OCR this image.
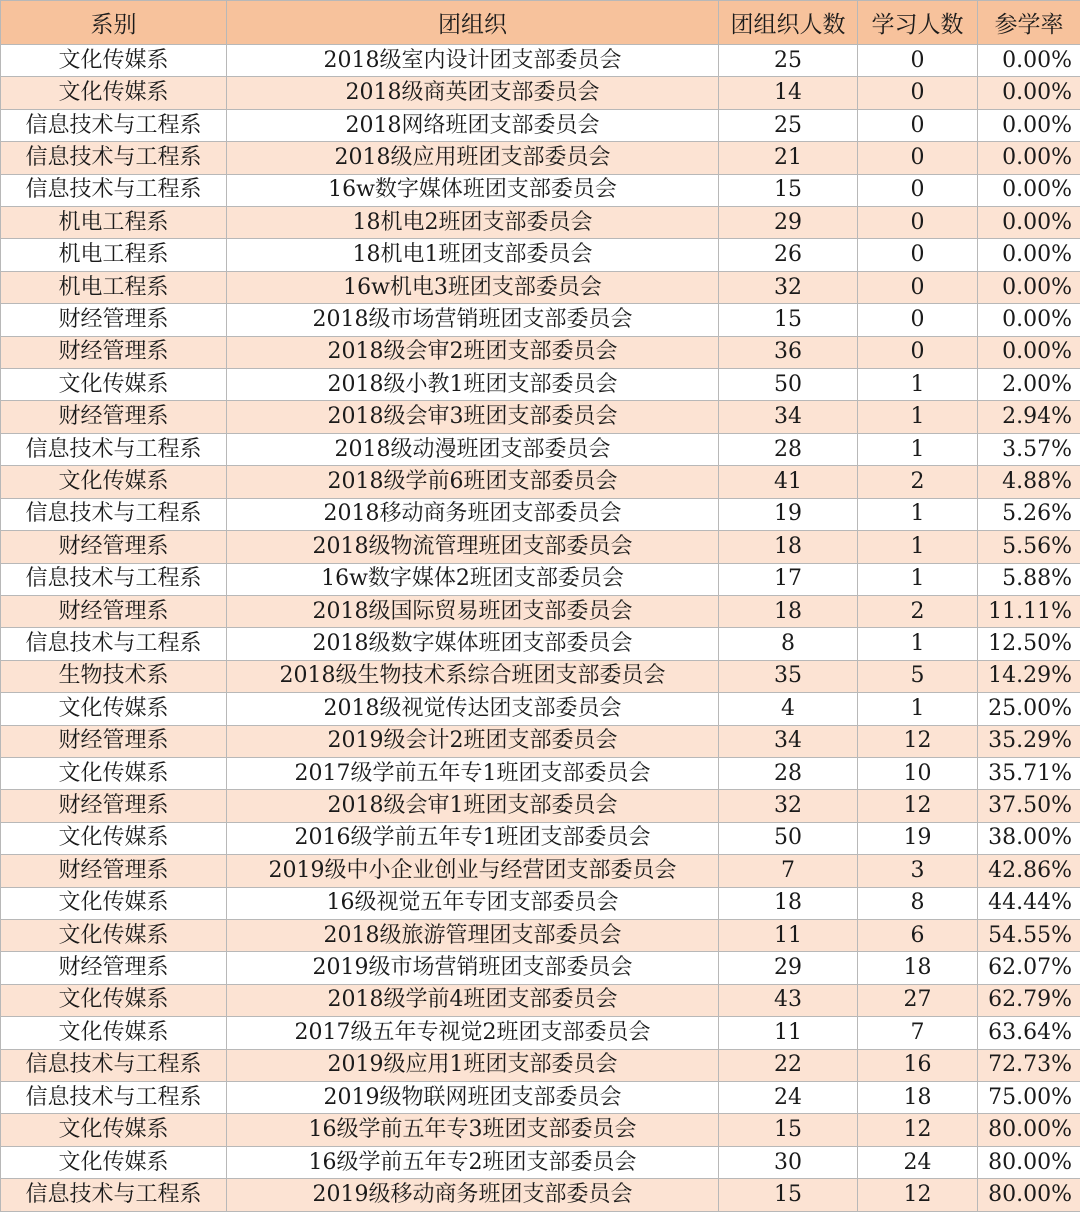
系别	团组织	团组织人数	学习人数	参学率
文化传媒系	2018级室内设计团支部委员会	25	0	0.00%
文化传媒系	2018级商英团支部委员会	14	0	0.00%
信息技术与工程系	2018网络班团支部委员会	25	0	0.00%
信息技术与工程系	2018级应用班团支部委员会	21	0	0.00%
信息技术与工程系	16w数字媒体班团支部委员会	15	0	0.00%
机电工程系	18机电2班团支部委员会	29	0	0.00%
机电工程系	18机电1班团支部委员会	26	0	0.00%
机电工程系	16w机电3班团支部委员会	32	0	0.00%
财经管理系	2018级市场营销班团支部委员会	15	0	0.00%
财经管理系	2018级会审2班团支部委员会	36	0	0.00%
文化传媒系	2018级小教1班团支部委员会	50	1	2.00%
财经管理系	2018级会审3班团支部委员会	34	1	2.94%
信息技术与工程系	2018级动漫班团支部委员会	28	1	3.57%
文化传媒系	2018级学前6班团支部委员会	41	2	4.88%
信息技术与工程系	2018移动商务班团支部委员会	19	1	5.26%
财经管理系	2018级物流管理班团支部委员会	18	1	5.56%
信息技术与工程系	16w数字媒体2班团支部委员会	17	1	5.88%
财经管理系	2018级国际贸易班团支部委员会	18	2	11.11%
信息技术与工程系	2018级数字媒体班团支部委员会	8	1	12.50%
生物技术系	2018级生物技术系综合班团支部委员会	35	5	14.29%
文化传媒系	2018级视觉传达团支部委员会	4	1	25.00%
财经管理系	2019级会计2班团支部委员会	34	12	35.29%
文化传媒系	2017级学前五年专1班团支部委员会	28	10	35.71%
财经管理系	2018级会审1班团支部委员会	32	12	37.50%
文化传媒系	2016级学前五年专1班团支部委员会	50	19	38.00%
财经管理系	2019级中小企业创业与经营团支部委员会	7	3	42.86%
文化传媒系	16级视觉五年专团支部委员会	18	8	44.44%
文化传媒系	2018级旅游管理团支部委员会	11	6	54.55%
财经管理系	2019级市场营销班团支部委员会	29	18	62.07%
文化传媒系	2018级学前4班团支部委员会	43	27	62.79%
文化传媒系	2017级五年专视觉2班团支部委员会	11	7	63.64%
信息技术与工程系	2019级应用1班团支部委员会	22	16	72.73%
信息技术与工程系	2019级物联网班团支部委员会	24	18	75.00%
文化传媒系	16级学前五年专3班团支部委员会	15	12	80.00%
文化传媒系	16级学前五年专2班团支部委员会	30	24	80.00%
信息技术与工程系	2019级移动商务班团支部委员会	15	12	80.00%
